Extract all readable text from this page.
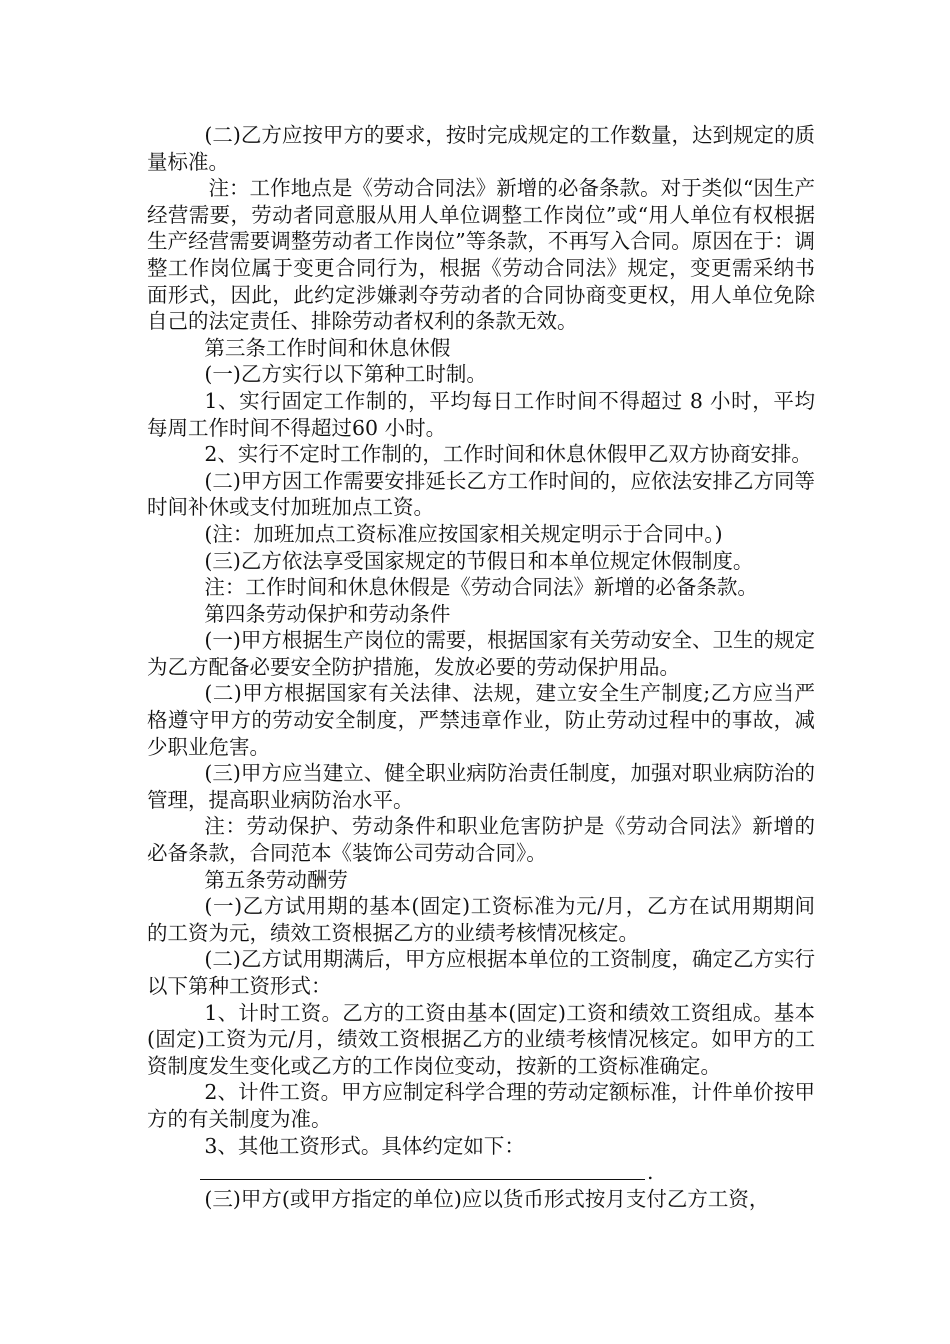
(二)乙方应按甲方的要求，按时完成规定的工作数量，达到规定的质量标准。

注：工作地点是《劳动合同法》新增的必备条款。对于类似“因生产经营需要，劳动者同意服从用人单位调整工作岗位”或“用人单位有权根据生产经营需要调整劳动者工作岗位”等条款，不再写入合同。原因在于：调整工作岗位属于变更合同行为，根据《劳动合同法》规定，变更需采纳书面形式，因此，此约定涉嫌剥夺劳动者的合同协商变更权，用人单位免除自己的法定责任、排除劳动者权利的条款无效。

第三条工作时间和休息休假

(一)乙方实行以下第种工时制。

1、实行固定工作制的，平均每日工作时间不得超过 8 小时，平均每周工作时间不得超过60 小时。

2、实行不定时工作制的，工作时间和休息休假甲乙双方协商安排。

(二)甲方因工作需要安排延长乙方工作时间的，应依法安排乙方同等时间补休或支付加班加点工资。

(注：加班加点工资标准应按国家相关规定明示于合同中。)

(三)乙方依法享受国家规定的节假日和本单位规定休假制度。

注：工作时间和休息休假是《劳动合同法》新增的必备条款。

第四条劳动保护和劳动条件

(一)甲方根据生产岗位的需要，根据国家有关劳动安全、卫生的规定为乙方配备必要安全防护措施，发放必要的劳动保护用品。

(二)甲方根据国家有关法律、法规，建立安全生产制度;乙方应当严格遵守甲方的劳动安全制度，严禁违章作业，防止劳动过程中的事故，减少职业危害。

(三)甲方应当建立、健全职业病防治责任制度，加强对职业病防治的管理，提高职业病防治水平。

注：劳动保护、劳动条件和职业危害防护是《劳动合同法》新增的必备条款，合同范本《装饰公司劳动合同》。

第五条劳动酬劳

(一)乙方试用期的基本(固定)工资标准为元/月，乙方在试用期期间的工资为元，绩效工资根据乙方的业绩考核情况核定。

(二)乙方试用期满后，甲方应根据本单位的工资制度，确定乙方实行以下第种工资形式：

1、计时工资。乙方的工资由基本(固定)工资和绩效工资组成。基本(固定)工资为元/月，绩效工资根据乙方的业绩考核情况核定。如甲方的工资制度发生变化或乙方的工作岗位变动，按新的工资标准确定。

2、计件工资。甲方应制定科学合理的劳动定额标准，计件单价按甲方的有关制度为准。

3、其他工资形式。具体约定如下：

.

(三)甲方(或甲方指定的单位)应以货币形式按月支付乙方工资，
